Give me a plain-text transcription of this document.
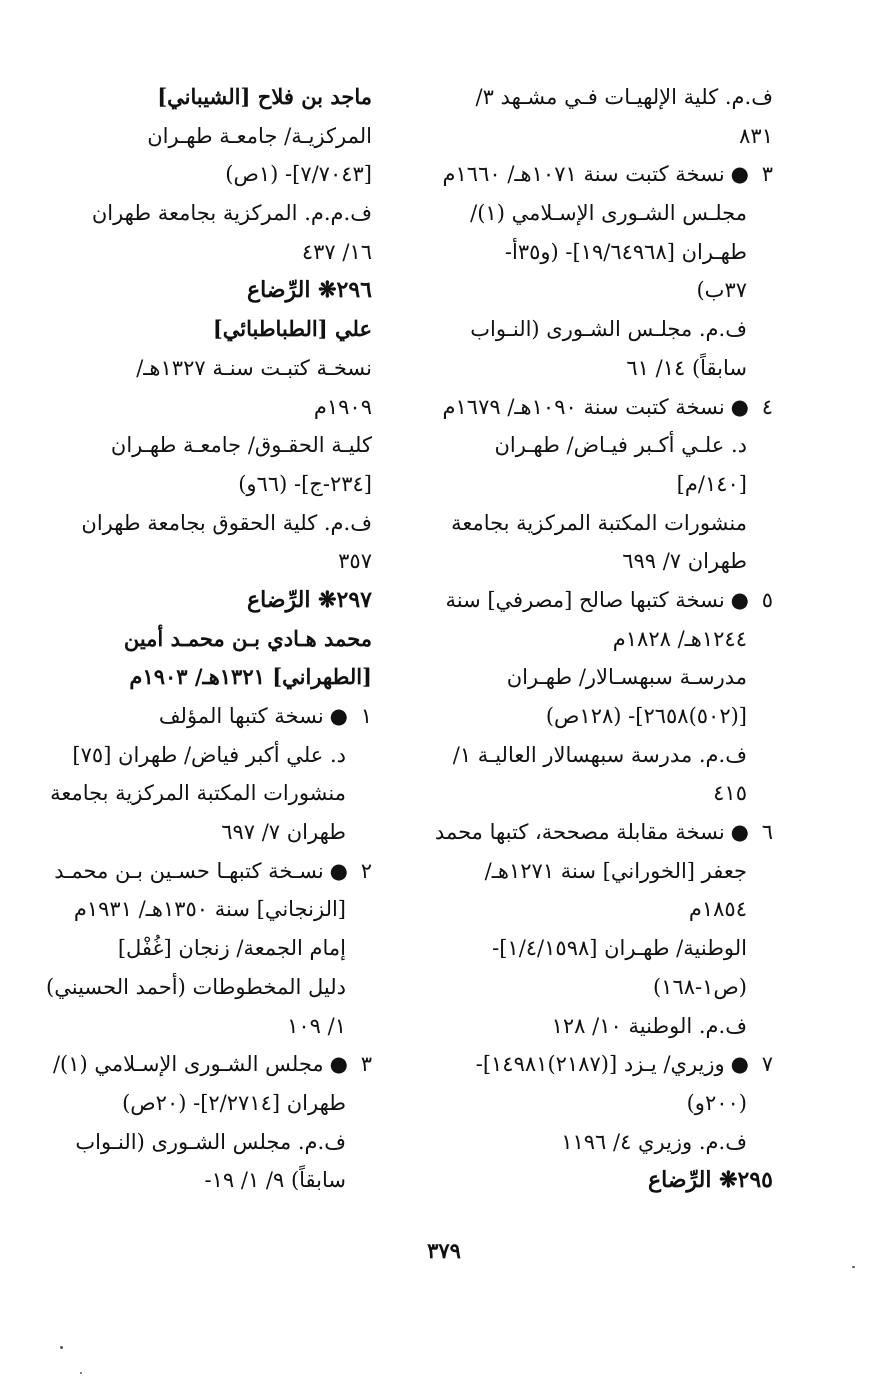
ف.م. كلية الإلهيـات فـي مشـهد ٣/
٨٣١
٣●نسخة كتبت سنة ١٠٧١هـ/ ١٦٦٠م
مجلـس الشـورى الإسـلامي (١)/
طهـران [١٩/٦٤٩٦٨]- (و٣٥أ-
٣٧ب)
ف.م. مجلـس الشـورى (النـواب
سابقاً) ١٤/ ٦١
٤●نسخة كتبت سنة ١٠٩٠هـ/ ١٦٧٩م
د. علـي أكـبر فيـاض/ طهـران
[١٤٠/م]
منشورات المكتبة المركزية بجامعة
طهران ٧/ ٦٩٩
٥●نسخة كتبها صالح [مصرفي] سنة
١٢٤٤هـ/ ١٨٢٨م
مدرسـة سبهسـالار/ طهـران
[(٥٠٢)٢٦٥٨]- (١٢٨ص)
ف.م. مدرسة سبهسالار العاليـة ١/
٤١٥
٦●نسخة مقابلة مصححة، كتبها محمد
جعفر [الخوراني] سنة ١٢٧١هـ/
١٨٥٤م
الوطنية/ طهـران [١/٤/١٥٩٨]-
(ص١-١٦٨)
ف.م. الوطنية ١٠/ ١٢٨
٧●وزيري/ يـزد [(٢١٨٧)١٤٩٨١]-
(٢٠٠و)
ف.م. وزيري ٤/ ١١٩٦
٢٩٥❋ الرِّضاع
ماجد بن فلاح [الشيباني]
المركزيـة/ جامعـة طهـران
[٧/٧٠٤٣]- (١ص)
ف.م.م. المركزية بجامعة طهران
١٦/ ٤٣٧
٢٩٦❋ الرِّضاع
علي [الطباطبائي]
نسخـة كتبـت سنـة ١٣٢٧هـ/
١٩٠٩م
كليـة الحقـوق/ جامعـة طهـران
[٢٣٤-ج]- (٦٦و)
ف.م. كلية الحقوق بجامعة طهران
٣٥٧
٢٩٧❋ الرِّضاع
محمد هـادي بـن محمـد أمين
[الطهراني] ١٣٢١هـ/ ١٩٠٣م
١●نسخة كتبها المؤلف
د. علي أكبر فياض/ طهران [٧٥]
منشورات المكتبة المركزية بجامعة
طهران ٧/ ٦٩٧
٢●نسـخة كتبهـا حسـين بـن محمـد
[الزنجاني] سنة ١٣٥٠هـ/ ١٩٣١م
إمام الجمعة/ زنجان [غُفْل]
دليل المخطوطات (أحمد الحسيني)
١/ ١٠٩
٣●مجلس الشـورى الإسـلامي (١)/
طهران [٢/٢٧١٤]- (٢٠ص)
ف.م. مجلس الشـورى (النـواب
سابقاً) ٩/ ١/ ١٩-
٣٧٩
